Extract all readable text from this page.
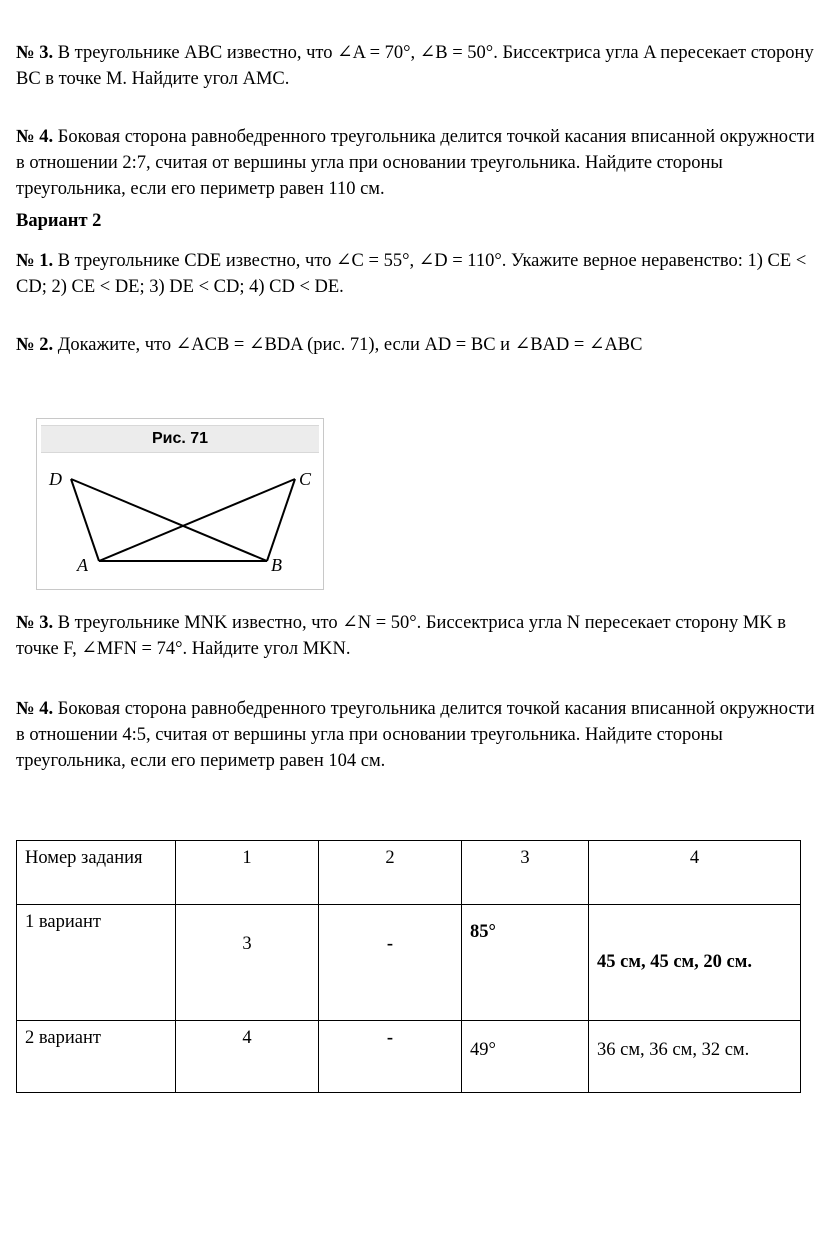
№ 3. В треугольнике АВС известно, что ∠A = 70°, ∠B = 50°. Биссектриса угла A пересекает сторону ВС в точке М. Найдите угол АМС.

№ 4. Боковая сторона равнобедренного треугольника делится точкой касания вписанной окружности в отношении 2:7, считая от вершины угла при основании треугольника. Найдите стороны треугольника, если его периметр равен 110 см.

Вариант 2

№ 1. В треугольнике CDE известно, что ∠C = 55°, ∠D = 110°. Укажите верное неравенство: 1) CE < CD; 2) CE < DE; 3) DE < CD; 4) CD < DE.

№ 2. Докажите, что ∠ACB = ∠BDA (рис. 71), если AD = BC и ∠BAD = ∠ABC

Рис. 71
D	C
A	B

№ 3. В треугольнике MNK известно, что ∠N = 50°. Биссектриса угла N пересекает сторону MK в точке F, ∠MFN = 74°. Найдите угол MKN.

№ 4. Боковая сторона равнобедренного треугольника делится точкой касания вписанной окружности в отношении 4:5, считая от вершины угла при основании треугольника. Найдите стороны треугольника, если его периметр равен 104 см.

Номер задания	1	2	3	4
1 вариант	3	-	85°	45 см, 45 см, 20 см.
2 вариант	4	-	49°	36 см, 36 см, 32 см.
